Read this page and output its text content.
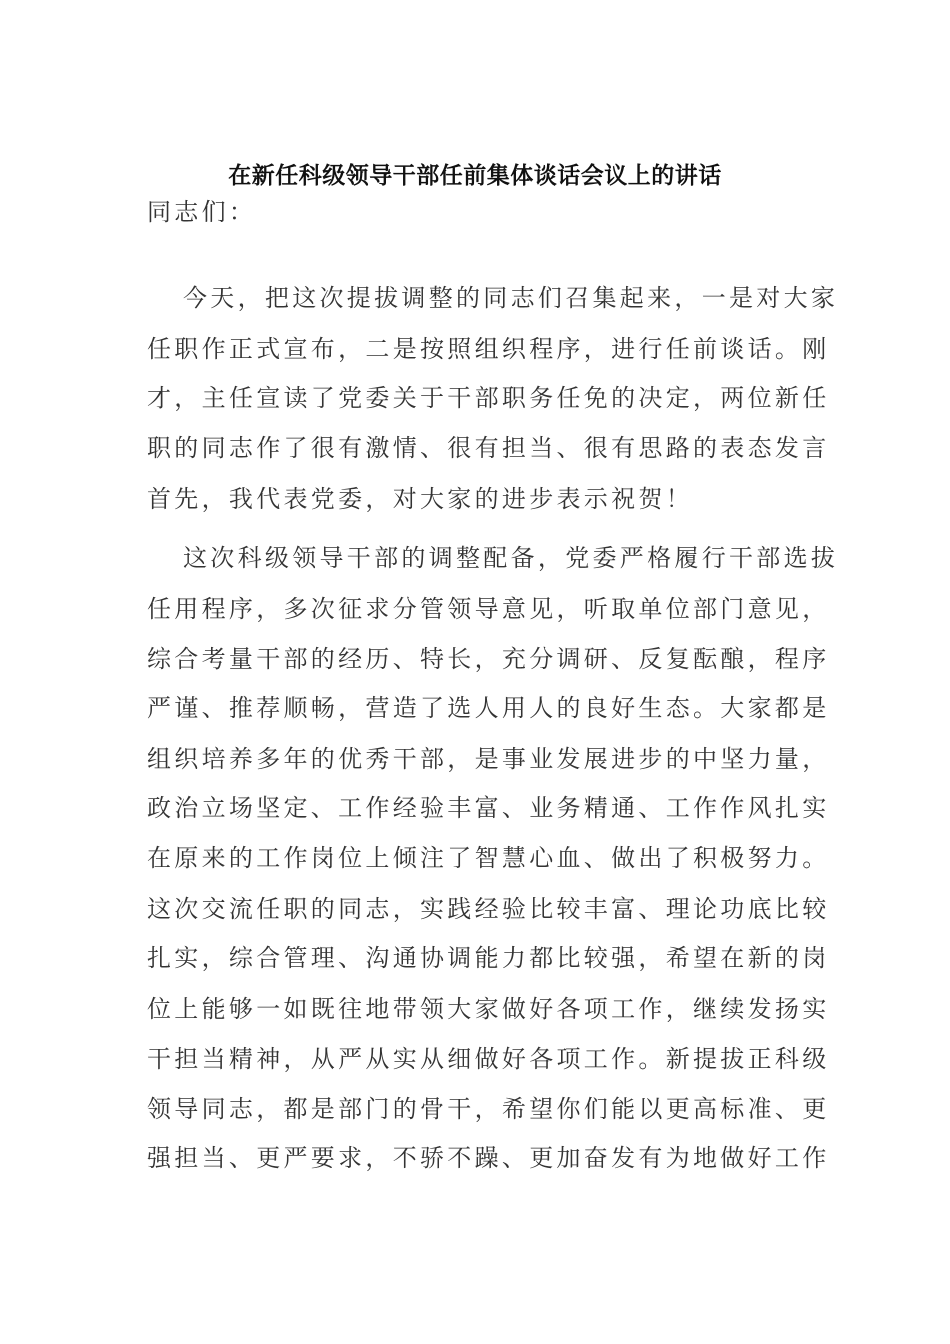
在新任科级领导干部任前集体谈话会议上的讲话
同志们：
今天，把这次提拔调整的同志们召集起来，一是对大家
任职作正式宣布，二是按照组织程序，进行任前谈话。刚
才，主任宣读了党委关于干部职务任免的决定，两位新任
职的同志作了很有激情、很有担当、很有思路的表态发言
首先，我代表党委，对大家的进步表示祝贺！
这次科级领导干部的调整配备，党委严格履行干部选拔
任用程序，多次征求分管领导意见，听取单位部门意见，
综合考量干部的经历、特长，充分调研、反复酝酿，程序
严谨、推荐顺畅，营造了选人用人的良好生态。大家都是
组织培养多年的优秀干部，是事业发展进步的中坚力量，
政治立场坚定、工作经验丰富、业务精通、工作作风扎实
在原来的工作岗位上倾注了智慧心血、做出了积极努力。
这次交流任职的同志，实践经验比较丰富、理论功底比较
扎实，综合管理、沟通协调能力都比较强，希望在新的岗
位上能够一如既往地带领大家做好各项工作，继续发扬实
干担当精神，从严从实从细做好各项工作。新提拔正科级
领导同志，都是部门的骨干，希望你们能以更高标准、更
强担当、更严要求，不骄不躁、更加奋发有为地做好工作
